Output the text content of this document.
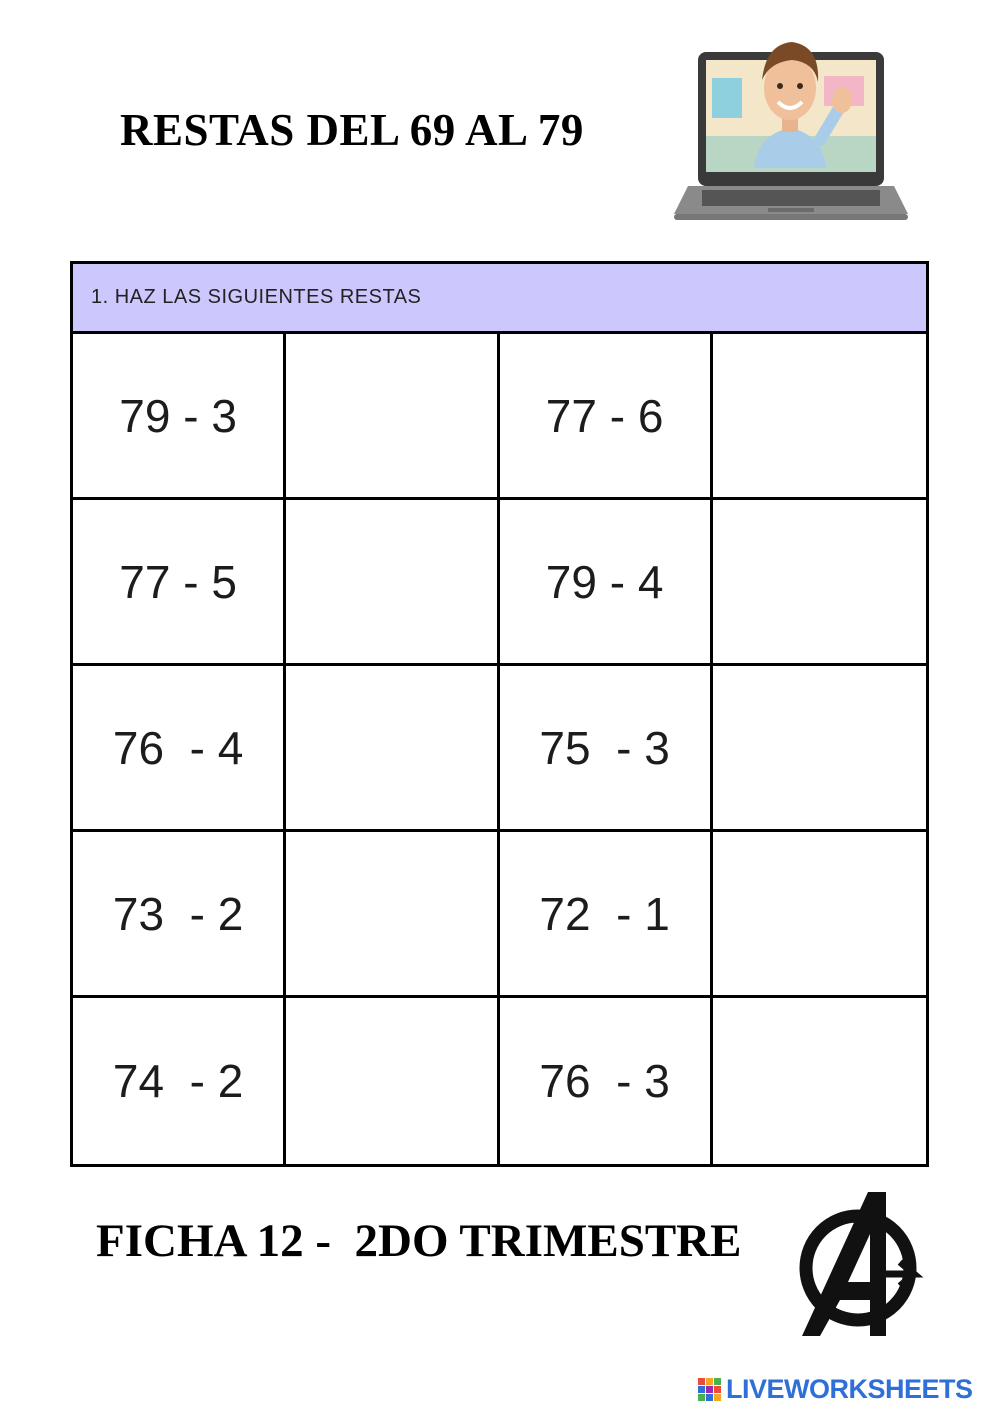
RESTAS DEL 69 AL 79
1. HAZ LAS SIGUIENTES RESTAS
79 - 3	77 - 6
77 - 5	79 - 4
76  - 4	75  - 3
73  - 2	72  - 1
74  - 2	76  - 3
FICHA 12 -  2DO TRIMESTRE
LIVEWORKSHEETS
